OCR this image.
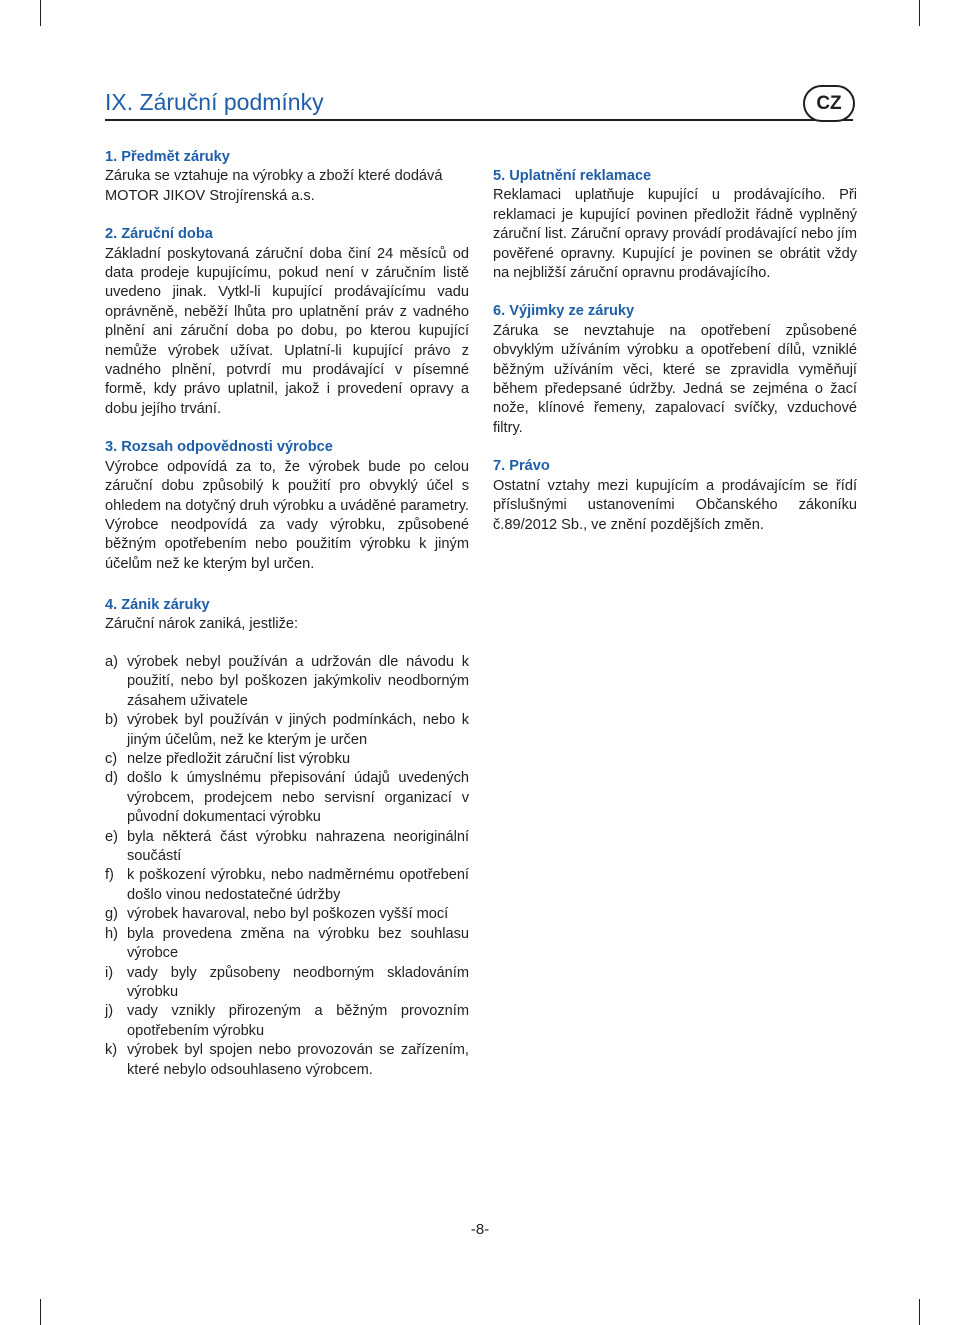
IX. Záruční podmínky	CZ
1. Předmět záruky
Záruka se vztahuje na výrobky a zboží které dodává MOTOR JIKOV Strojírenská a.s.
2. Záruční doba
Základní poskytovaná záruční doba činí 24 měsíců od data prodeje kupujícímu, pokud není v záručním listě uvedeno jinak. Vytkl-li kupující prodávajícímu vadu oprávněně, neběží lhůta pro uplatnění práv z vadného plnění ani záruční doba po dobu, po kterou kupující nemůže výrobek užívat. Uplatní-li kupující právo z vadného plnění, potvrdí mu prodávající v písemné formě, kdy právo uplatnil, jakož i provedení opravy a dobu jejího trvání.
3. Rozsah odpovědnosti výrobce
Výrobce odpovídá za to, že výrobek bude po celou záruční dobu způsobilý k použití pro obvyklý účel s ohledem na dotyčný druh výrobku a uváděné parametry. Výrobce neodpovídá za vady výrobku, způsobené běžným opotřebením nebo použitím výrobku k jiným účelům než ke kterým byl určen.
4. Zánik záruky
Záruční nárok zaniká, jestliže:
a) výrobek nebyl používán a udržován dle návodu k použití, nebo byl poškozen jakýmkoliv neodborným zásahem uživatele
b) výrobek byl používán v jiných podmínkách, nebo k jiným účelům, než ke kterým je určen
c) nelze předložit záruční list výrobku
d) došlo k úmyslnému přepisování údajů uvedených výrobcem, prodejcem nebo servisní organizací v původní dokumentaci výrobku
e) byla některá část výrobku nahrazena neoriginální součástí
f) k poškození výrobku, nebo nadměrnému opotřebení došlo vinou nedostatečné údržby
g) výrobek havaroval, nebo byl poškozen vyšší mocí
h) byla provedena změna na výrobku bez souhlasu výrobce
i) vady byly způsobeny neodborným skladováním výrobku
j) vady vznikly přirozeným a běžným provozním opotřebením výrobku
k) výrobek byl spojen nebo provozován se zařízením, které nebylo odsouhlaseno výrobcem.
5. Uplatnění reklamace
Reklamaci uplatňuje kupující u prodávajícího. Při reklamaci je kupující povinen předložit řádně vyplněný záruční list. Záruční opravy provádí prodávající nebo jím pověřené opravny. Kupující je povinen se obrátit vždy na nejbližší záruční opravnu prodávajícího.
6. Výjimky ze záruky
Záruka se nevztahuje na opotřebení způsobené obvyklým užíváním výrobku a opotřebení dílů, vzniklé běžným užíváním věci, které se zpravidla vyměňují během předepsané údržby. Jedná se zejména o žací nože, klínové řemeny, zapalovací svíčky, vzduchové filtry.
7. Právo
Ostatní vztahy mezi kupujícím a prodávajícím se řídí příslušnými ustanoveními Občanského zákoníku č.89/2012 Sb., ve znění pozdějších změn.
-8-
